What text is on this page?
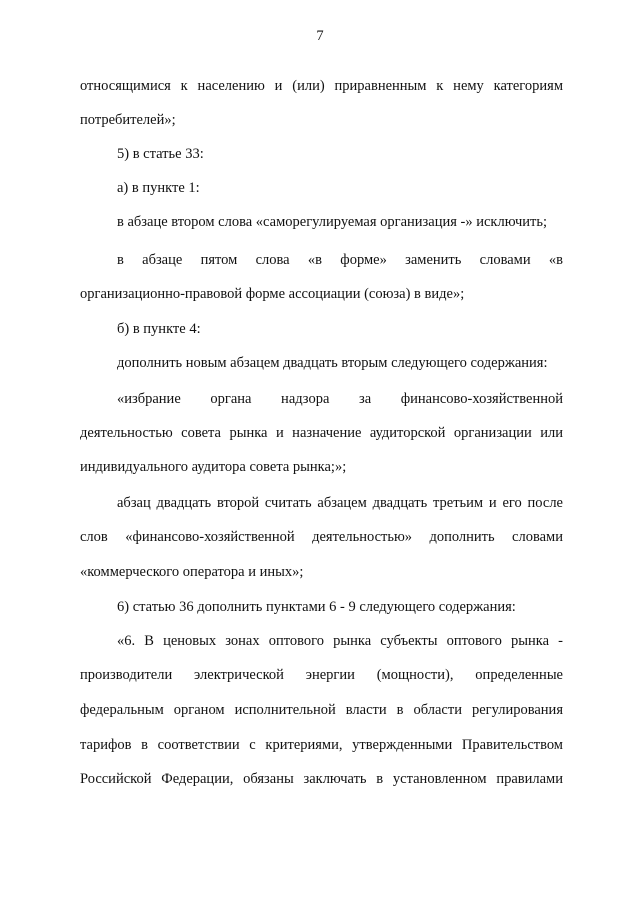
7
относящимися к населению и (или) приравненным к нему категориям
потребителей»;
5) в статье 33:
а) в пункте 1:
в абзаце втором слова «саморегулируемая организация -» исключить;
в абзаце пятом слова «в форме» заменить словами «в
организационно-правовой форме ассоциации (союза) в виде»;
б) в пункте 4:
дополнить новым абзацем двадцать вторым следующего содержания:
«избрание органа надзора за финансово-хозяйственной
деятельностью совета рынка и назначение аудиторской организации или
индивидуального аудитора совета рынка;»;
абзац двадцать второй считать абзацем двадцать третьим и его после
слов «финансово-хозяйственной деятельностью» дополнить словами
«коммерческого оператора и иных»;
6) статью 36 дополнить пунктами 6 - 9 следующего содержания:
«6. В ценовых зонах оптового рынка субъекты оптового рынка -
производители электрической энергии (мощности), определенные
федеральным органом исполнительной власти в области регулирования
тарифов в соответствии с критериями, утвержденными Правительством
Российской Федерации, обязаны заключать в установленном правилами
